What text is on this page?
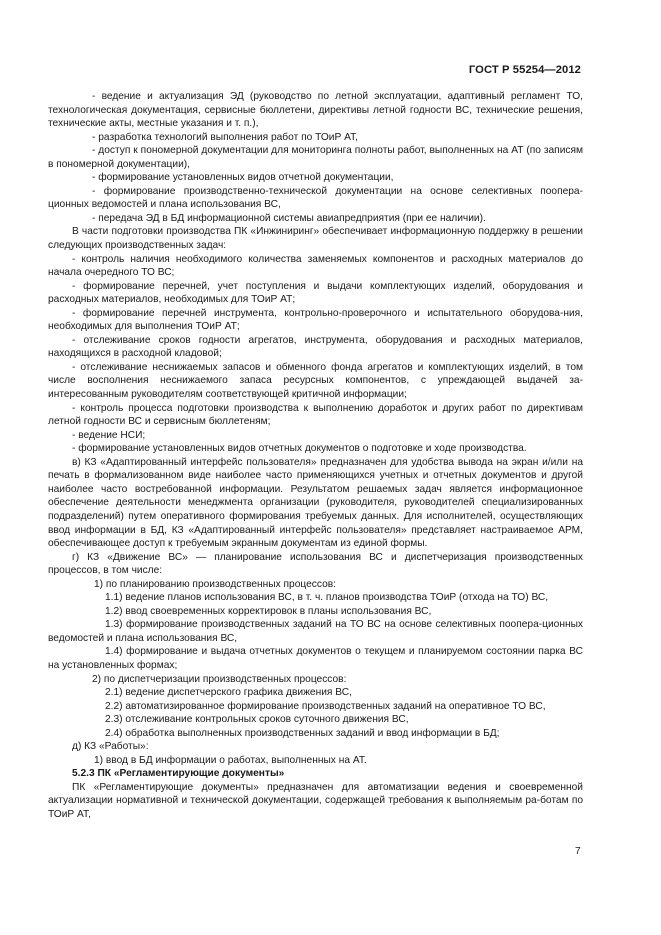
ГОСТ Р 55254—2012

- ведение и актуализация ЭД (руководство по летной эксплуатации, адаптивный регламент ТО, технологическая документация, сервисные бюллетени, директивы летной годности ВС, технические решения, технические акты, местные указания и т. п.),

- разработка технологий выполнения работ по ТОиР АТ,

- доступ к пономерной документации для мониторинга полноты работ, выполненных на АТ (по записям в пономерной документации),

- формирование установленных видов отчетной документации,

- формирование производственно-технической документации на основе селективных поопера-ционных ведомостей и плана использования ВС,

- передача ЭД в БД информационной системы авиапредприятия (при ее наличии).

В части подготовки производства ПК «Инжиниринг» обеспечивает информационную поддержку в решении следующих производственных задач:

- контроль наличия необходимого количества заменяемых компонентов и расходных материалов до начала очередного ТО ВС;

- формирование перечней, учет поступления и выдачи комплектующих изделий, оборудования и расходных материалов, необходимых для ТОиР АТ;

- формирование перечней инструмента, контрольно-проверочного и испытательного оборудова-ния, необходимых для выполнения ТОиР АТ;

- отслеживание сроков годности агрегатов, инструмента, оборудования и расходных материалов, находящихся в расходной кладовой;

- отслеживание неснижаемых запасов и обменного фонда агрегатов и комплектующих изделий, в том числе восполнения неснижаемого запаса ресурсных компонентов, с упреждающей выдачей за-интересованным руководителям соответствующей критичной информации;

- контроль процесса подготовки производства к выполнению доработок и других работ по директивам летной годности ВС и сервисным бюллетеням;

- ведение НСИ;

- формирование установленных видов отчетных документов о подготовке и ходе производства.

в) КЗ «Адаптированный интерфейс пользователя» предназначен для удобства вывода на экран и/или на печать в формализованном виде наиболее часто применяющихся учетных и отчетных документов и другой наиболее часто востребованной информации. Результатом решаемых задач является информационное обеспечение деятельности менеджмента организации (руководителя, руководителей специализированных подразделений) путем оперативного формирования требуемых данных. Для исполнителей, осуществляющих ввод информации в БД, КЗ «Адаптированный интерфейс пользователя» представляет настраиваемое АРМ, обеспечивающее доступ к требуемым экранным документам из единой формы.

г) КЗ «Движение ВС» — планирование использования ВС и диспетчеризация производственных процессов, в том числе:

1) по планированию производственных процессов:

1.1) ведение планов использования ВС, в т. ч. планов производства ТОиР (отхода на ТО) ВС,

1.2) ввод своевременных корректировок в планы использования ВС,

1.3) формирование производственных заданий на ТО ВС на основе селективных поопера-ционных ведомостей и плана использования ВС,

1.4) формирование и выдача отчетных документов о текущем и планируемом состоянии парка ВС на установленных формах;

2) по диспетчеризации производственных процессов:

2.1) ведение диспетчерского графика движения ВС,

2.2) автоматизированное формирование производственных заданий на оперативное ТО ВС,

2.3) отслеживание контрольных сроков суточного движения ВС,

2.4) обработка выполненных производственных заданий и ввод информации в БД;

д) КЗ «Работы»:

1) ввод в БД информации о работах, выполненных на АТ.

5.2.3 ПК «Регламентирующие документы»

ПК «Регламентирующие документы» предназначен для автоматизации ведения и своевременной актуализации нормативной и технической документации, содержащей требования к выполняемым ра-ботам по ТОиР АТ,

7
